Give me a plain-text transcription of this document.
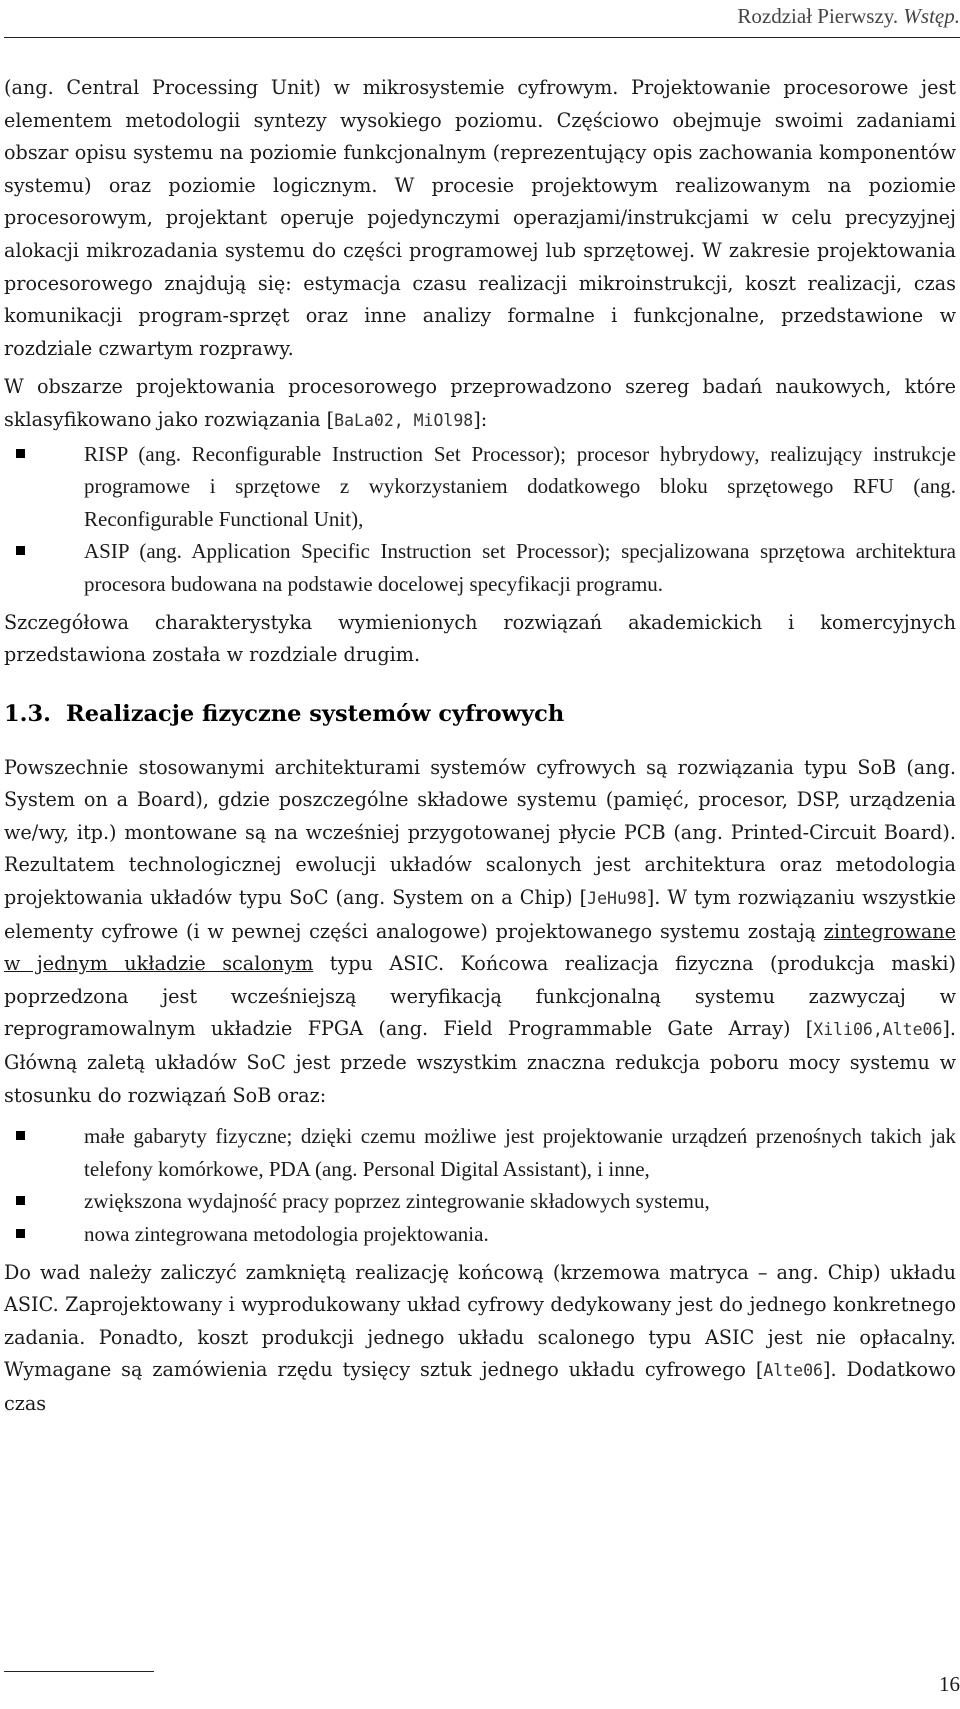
Rozdział Pierwszy. Wstęp.

(ang. Central Processing Unit) w mikrosystemie cyfrowym. Projektowanie procesorowe jest elementem metodologii syntezy wysokiego poziomu. Częściowo obejmuje swoimi zadaniami obszar opisu systemu na poziomie funkcjonalnym (reprezentujący opis zachowania komponentów systemu) oraz poziomie logicznym. W procesie projektowym realizowanym na poziomie procesorowym, projektant operuje pojedynczymi operazjami/instrukcjami w celu precyzyjnej alokacji mikrozadania systemu do części programowej lub sprzętowej. W zakresie projektowania procesorowego znajdują się: estymacja czasu realizacji mikroinstrukcji, koszt realizacji, czas komunikacji program-sprzęt oraz inne analizy formalne i funkcjonalne, przedstawione w rozdziale czwartym rozprawy.

W obszarze projektowania procesorowego przeprowadzono szereg badań naukowych, które sklasyfikowano jako rozwiązania [BaLa02, MiOl98]:

RISP (ang. Reconfigurable Instruction Set Processor); procesor hybrydowy, realizujący instrukcje programowe i sprzętowe z wykorzystaniem dodatkowego bloku sprzętowego RFU (ang. Reconfigurable Functional Unit),
ASIP (ang. Application Specific Instruction set Processor); specjalizowana sprzętowa architektura procesora budowana na podstawie docelowej specyfikacji programu.

Szczegółowa charakterystyka wymienionych rozwiązań akademickich i komercyjnych przedstawiona została w rozdziale drugim.

1.3. Realizacje fizyczne systemów cyfrowych

Powszechnie stosowanymi architekturami systemów cyfrowych są rozwiązania typu SoB (ang. System on a Board), gdzie poszczególne składowe systemu (pamięć, procesor, DSP, urządzenia we/wy, itp.) montowane są na wcześniej przygotowanej płycie PCB (ang. Printed-Circuit Board). Rezultatem technologicznej ewolucji układów scalonych jest architektura oraz metodologia projektowania układów typu SoC (ang. System on a Chip) [JeHu98]. W tym rozwiązaniu wszystkie elementy cyfrowe (i w pewnej części analogowe) projektowanego systemu zostają zintegrowane w jednym układzie scalonym typu ASIC. Końcowa realizacja fizyczna (produkcja maski) poprzedzona jest wcześniejszą weryfikacją funkcjonalną systemu zazwyczaj w reprogramowalnym układzie FPGA (ang. Field Programmable Gate Array) [Xili06,Alte06]. Główną zaletą układów SoC jest przede wszystkim znaczna redukcja poboru mocy systemu w stosunku do rozwiązań SoB oraz:

małe gabaryty fizyczne; dzięki czemu możliwe jest projektowanie urządzeń przenośnych takich jak telefony komórkowe, PDA (ang. Personal Digital Assistant), i inne,
zwiększona wydajność pracy poprzez zintegrowanie składowych systemu,
nowa zintegrowana metodologia projektowania.

Do wad należy zaliczyć zamkniętą realizację końcową (krzemowa matryca – ang. Chip) układu ASIC. Zaprojektowany i wyprodukowany układ cyfrowy dedykowany jest do jednego konkretnego zadania. Ponadto, koszt produkcji jednego układu scalonego typu ASIC jest nie opłacalny. Wymagane są zamówienia rzędu tysięcy sztuk jednego układu cyfrowego [Alte06]. Dodatkowo czas

16
